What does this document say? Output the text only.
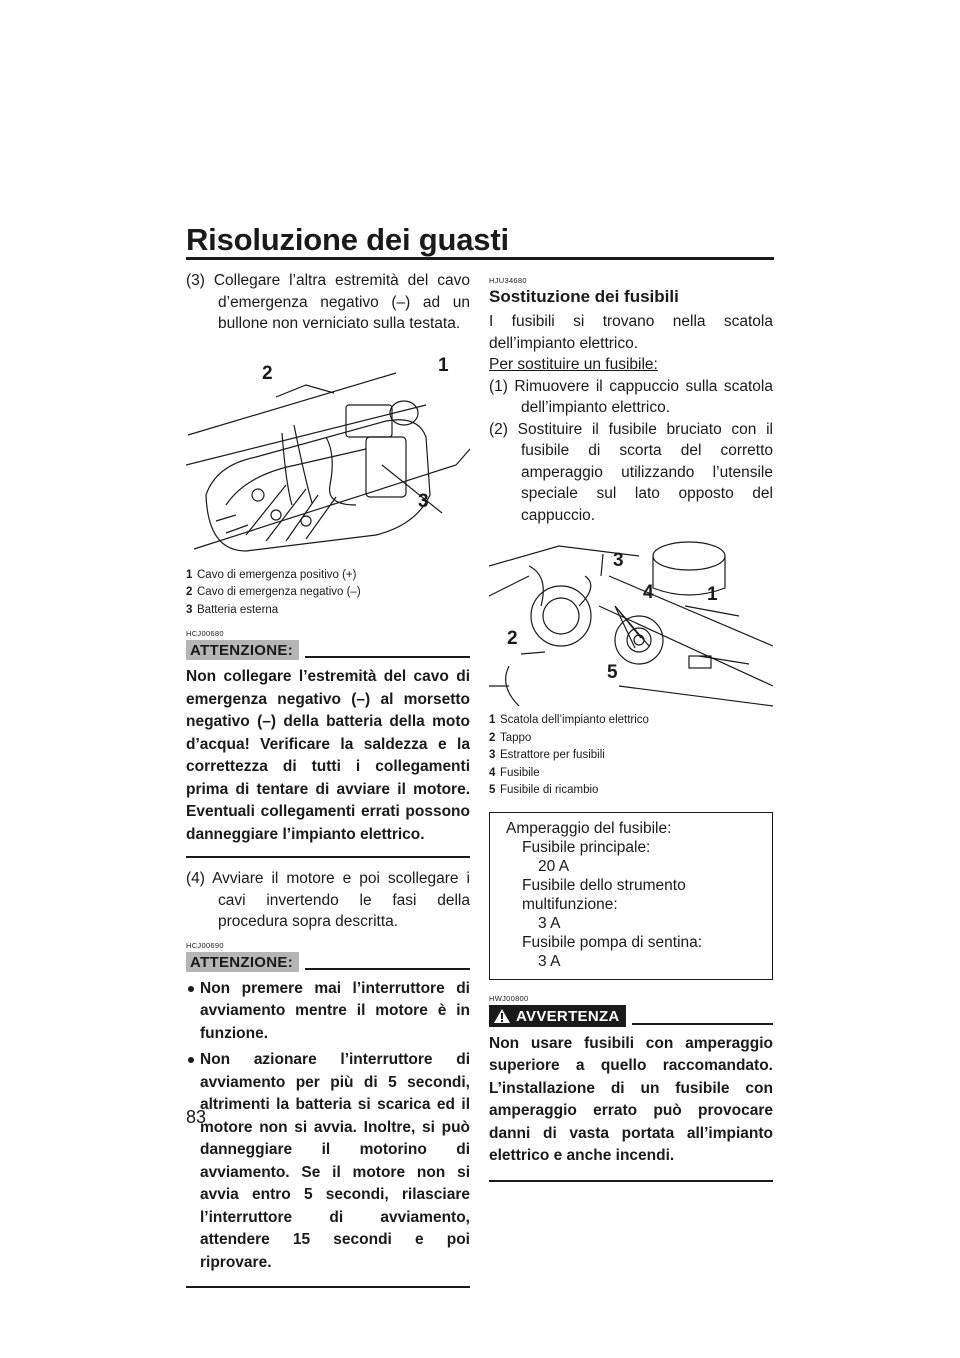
Risoluzione dei guasti
83

(3) Collegare l’altra estremità del cavo d’emergenza negativo (–) ad un bullone non verniciato sulla testata.

1
2
3
1 Cavo di emergenza positivo (+)
2 Cavo di emergenza negativo (–)
3 Batteria esterna
HCJ00680
ATTENZIONE:

Non collegare l’estremità del cavo di emergenza negativo (–) al morsetto negativo (–) della batteria della moto d’acqua! Verificare la saldezza e la correttezza di tutti i collegamenti prima di tentare di avviare il motore. Eventuali collegamenti errati possono danneggiare l’impianto elettrico.

(4) Avviare il motore e poi scollegare i cavi invertendo le fasi della procedura sopra descritta.

HCJ00690
ATTENZIONE:
Non premere mai l’interruttore di avviamento mentre il motore è in funzione.
Non azionare l’interruttore di avviamento per più di 5 secondi, altrimenti la batteria si scarica ed il motore non si avvia. Inoltre, si può danneggiare il motorino di avviamento. Se il motore non si avvia entro 5 secondi, rilasciare l’interruttore di avviamento, attendere 15 secondi e poi riprovare.
HJU34680
Sostituzione dei fusibili

I fusibili si trovano nella scatola dell’impianto elettrico.

Per sostituire un fusibile:

(1) Rimuovere il cappuccio sulla scatola dell’impianto elettrico.

(2) Sostituire il fusibile bruciato con il fusibile di scorta del corretto amperaggio utilizzando l’utensile speciale sul lato opposto del cappuccio.

1
2
3
4
5
1 Scatola dell’impianto elettrico
2 Tappo
3 Estrattore per fusibili
4 Fusibile
5 Fusibile di ricambio
Amperaggio del fusibile:
Fusibile principale:
20 A
Fusibile dello strumento multifunzione:
3 A
Fusibile pompa di sentina:
3 A
HWJ00800
AVVERTENZA

Non usare fusibili con amperaggio superiore a quello raccomandato. L’installazione di un fusibile con amperaggio errato può provocare danni di vasta portata all’impianto elettrico e anche incendi.
